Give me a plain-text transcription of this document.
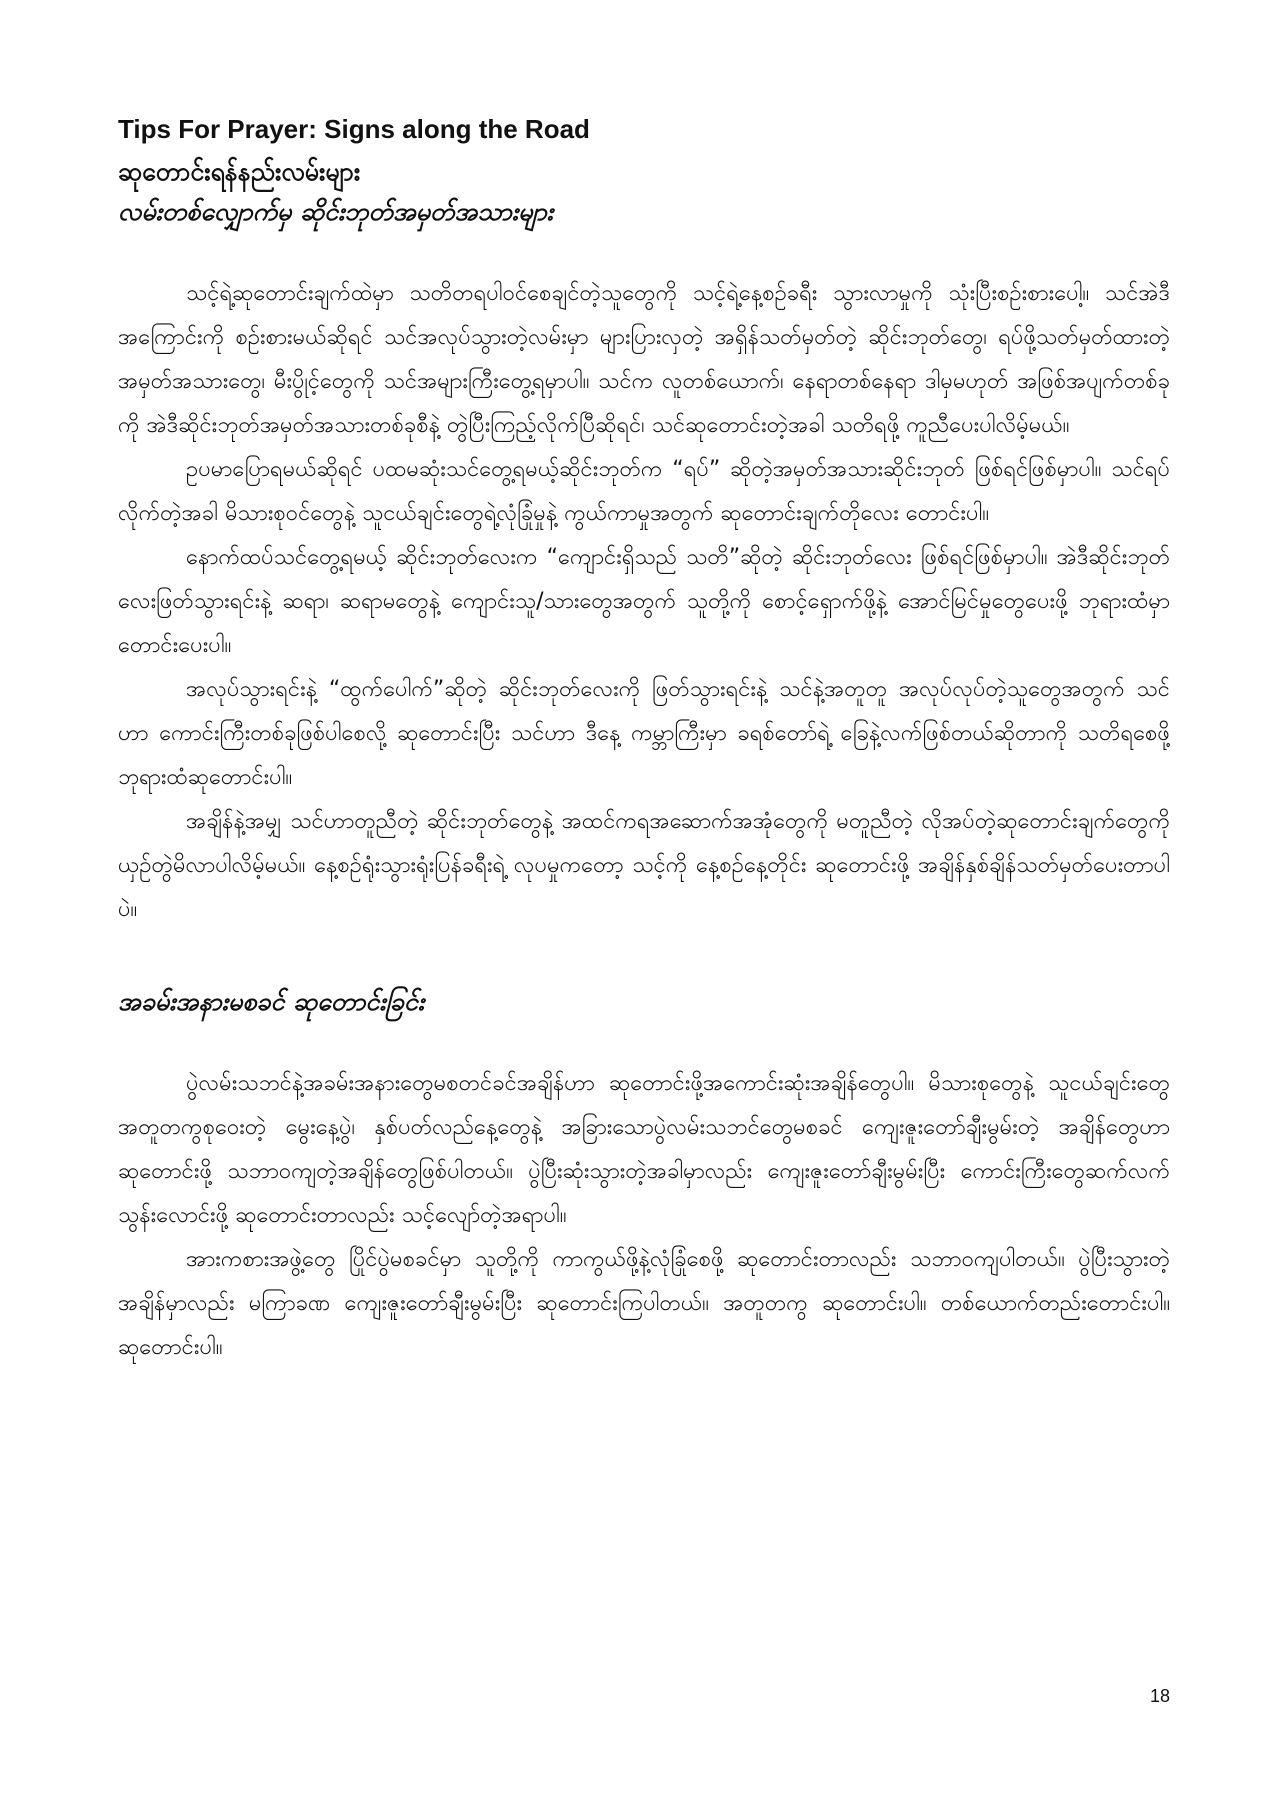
Tips For Prayer: Signs along the Road
ဆုတောင်းရန်နည်းလမ်းများ
လမ်းတစ်လျှောက်မှ ဆိုင်းဘုတ်အမှတ်အသားများ

သင့်ရဲ့ဆုတောင်းချက်ထဲမှာ သတိတရပါဝင်စေချင်တဲ့သူတွေကို သင့်ရဲ့နေ့စဉ်ခရီး သွားလာမှုကို သုံးပြီးစဉ်းစားပေါ့။ သင်အဲဒီအကြောင်းကို စဉ်းစားမယ်ဆိုရင် သင်အလုပ်သွားတဲ့လမ်းမှာ များပြားလှတဲ့ အရှိန်သတ်မှတ်တဲ့ ဆိုင်းဘုတ်တွေ၊ ရပ်ဖို့သတ်မှတ်ထားတဲ့ အမှတ်အသားတွေ၊ မီးပွိုင့်တွေကို သင်အများကြီးတွေ့ရမှာပါ။ သင်က လူတစ်ယောက်၊ နေရာတစ်နေရာ ဒါမှမဟုတ် အဖြစ်အပျက်တစ်ခုကို အဲဒီဆိုင်းဘုတ်အမှတ်အသားတစ်ခုစီနဲ့ တွဲပြီးကြည့်လိုက်ပြီဆိုရင်၊ သင်ဆုတောင်းတဲ့အခါ သတိရဖို့ ကူညီပေးပါလိမ့်မယ်။

ဥပမာပြောရမယ်ဆိုရင် ပထမဆုံးသင်တွေ့ရမယ့်ဆိုင်းဘုတ်က “ရပ်” ဆိုတဲ့အမှတ်အသားဆိုင်းဘုတ် ဖြစ်ရင်ဖြစ်မှာပါ။ သင်ရပ်လိုက်တဲ့အခါ မိသားစုဝင်တွေနဲ့ သူငယ်ချင်းတွေရဲ့လုံခြုံမှုနဲ့ ကွယ်ကာမှုအတွက် ဆုတောင်းချက်တိုလေး တောင်းပါ။

နောက်ထပ်သင်တွေ့ရမယ့် ဆိုင်းဘုတ်လေးက “ကျောင်းရှိသည် သတိ”ဆိုတဲ့ ဆိုင်းဘုတ်လေး ဖြစ်ရင်ဖြစ်မှာပါ။ အဲဒီဆိုင်းဘုတ်လေးဖြတ်သွားရင်းနဲ့ ဆရာ၊ ဆရာမတွေနဲ့ ကျောင်းသူ/သားတွေအတွက် သူတို့ကို စောင့်ရှောက်ဖို့နဲ့ အောင်မြင်မှုတွေပေးဖို့ ဘုရားထံမှာ တောင်းပေးပါ။

အလုပ်သွားရင်းနဲ့ “ထွက်ပေါက်”ဆိုတဲ့ ဆိုင်းဘုတ်လေးကို ဖြတ်သွားရင်းနဲ့ သင်နဲ့အတူတူ အလုပ်လုပ်တဲ့သူတွေအတွက် သင်ဟာ ကောင်းကြီးတစ်ခုဖြစ်ပါစေလို့ ဆုတောင်းပြီး သင်ဟာ ဒီနေ့ ကမ္ဘာကြီးမှာ ခရစ်တော်ရဲ့ ခြေနဲ့လက်ဖြစ်တယ်ဆိုတာကို သတိရစေဖို့ ဘုရားထံဆုတောင်းပါ။

အချိန်နဲ့အမျှ သင်ဟာတူညီတဲ့ ဆိုင်းဘုတ်တွေနဲ့ အထင်ကရအဆောက်အအုံတွေကို မတူညီတဲ့ လိုအပ်တဲ့ဆုတောင်းချက်တွေကို ယှဉ်တွဲမိလာပါလိမ့်မယ်။ နေ့စဉ်ရုံးသွားရုံးပြန်ခရီးရဲ့ လုပမှုကတော့ သင့်ကို နေ့စဉ်နေ့တိုင်း ဆုတောင်းဖို့ အချိန်နှစ်ချိန်သတ်မှတ်ပေးတာပါပဲ။

အခမ်းအနားမစခင် ဆုတောင်းခြင်း

ပွဲလမ်းသဘင်နဲ့အခမ်းအနားတွေမစတင်ခင်အချိန်ဟာ ဆုတောင်းဖို့အကောင်းဆုံးအချိန်တွေပါ။ မိသားစုတွေနဲ့ သူငယ်ချင်းတွေ အတူတကွစုဝေးတဲ့ မွေးနေ့ပွဲ၊ နှစ်ပတ်လည်နေ့တွေနဲ့ အခြားသောပွဲလမ်းသဘင်တွေမစခင် ကျေးဇူးတော်ချီးမွမ်းတဲ့ အချိန်တွေဟာ ဆုတောင်းဖို့ သဘာဝကျတဲ့အချိန်တွေဖြစ်ပါတယ်။ ပွဲပြီးဆုံးသွားတဲ့အခါမှာလည်း ကျေးဇူးတော်ချီးမွမ်းပြီး ကောင်းကြီးတွေဆက်လက်သွန်းလောင်းဖို့ ဆုတောင်းတာလည်း သင့်လျော်တဲ့အရာပါ။

အားကစားအဖွဲ့တွေ ပြိုင်ပွဲမစခင်မှာ သူတို့ကို ကာကွယ်ဖို့နဲ့လုံခြုံစေဖို့ ဆုတောင်းတာလည်း သဘာဝကျပါတယ်။ ပွဲပြီးသွားတဲ့အချိန်မှာလည်း မကြာခဏ ကျေးဇူးတော်ချီးမွမ်းပြီး ဆုတောင်းကြပါတယ်။ အတူတကွ ဆုတောင်းပါ။ တစ်ယောက်တည်းတောင်းပါ။ ဆုတောင်းပါ။

18
